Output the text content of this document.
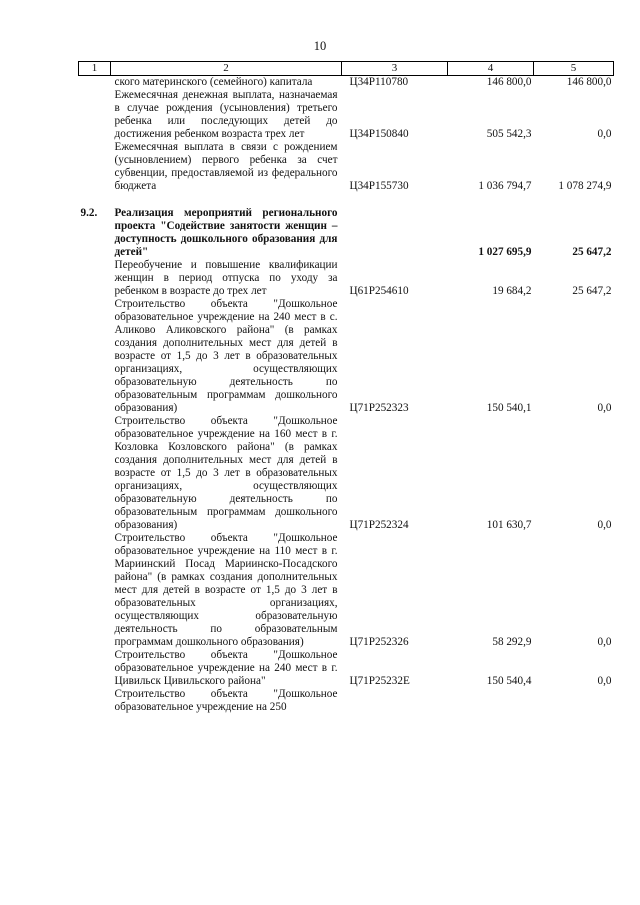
10
1	2	3	4	5
	ского материнского (семейного) капитала	Ц34Р110780	146 800,0	146 800,0
	Ежемесячная денежная выплата, назначаемая в случае рождения (усыновления) третьего ребенка или последующих детей до достижения ребенком возраста трех лет	Ц34Р150840	505 542,3	0,0
	Ежемесячная выплата в связи с рождением (усыновлением) первого ребенка за счет субвенции, предоставляемой из федерального бюджета	Ц34Р155730	1 036 794,7	1 078 274,9

9.2.	Реализация мероприятий регионального проекта "Содействие занятости женщин – доступность дошкольного образования для детей"		1 027 695,9	25 647,2
	Переобучение и повышение квалификации женщин в период отпуска по уходу за ребенком в возрасте до трех лет	Ц61Р254610	19 684,2	25 647,2
	Строительство объекта "Дошкольное образовательное учреждение на 240 мест в с. Аликово Аликовского района" (в рамках создания дополнительных мест для детей в возрасте от 1,5 до 3 лет в образовательных организациях, осуществляющих образовательную деятельность по образовательным программам дошкольного образования)	Ц71Р252323	150 540,1	0,0
	Строительство объекта "Дошкольное образовательное учреждение на 160 мест в г. Козловка Козловского района" (в рамках создания дополнительных мест для детей в возрасте от 1,5 до 3 лет в образовательных организациях, осуществляющих образовательную деятельность по образовательным программам дошкольного образования)	Ц71Р252324	101 630,7	0,0
	Строительство объекта "Дошкольное образовательное учреждение на 110 мест в г. Мариинский Посад Мариинско-Посадского района" (в рамках создания дополнительных мест для детей в возрасте от 1,5 до 3 лет в образовательных организациях, осуществляющих образовательную деятельность по образовательным программам дошкольного образования)	Ц71Р252326	58 292,9	0,0
	Строительство объекта "Дошкольное образовательное учреждение на 240 мест в г. Цивильск Цивильского района"	Ц71Р25232Е	150 540,4	0,0
	Строительство объекта "Дошкольное образовательное учреждение на 250			
